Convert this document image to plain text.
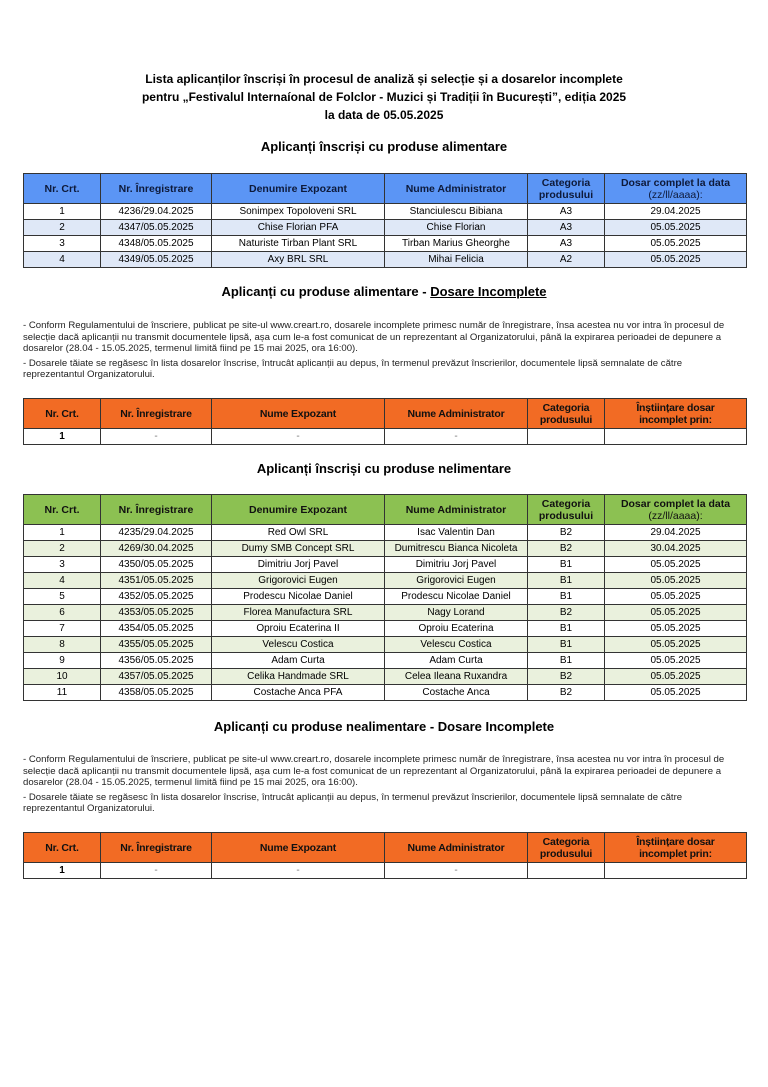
Lista aplicanților înscriși în procesul de analiză și selecție și a dosarelor incomplete
pentru „Festivalul Internaíonal de Folclor - Muzici și Tradiții în București”, ediția 2025
la data de 05.05.2025
Aplicanți înscriși cu produse alimentare
Nr. Crt.	Nr. Înregistrare	Denumire Expozant	Nume Administrator	Categoria
produsului	Dosar complet la data
(zz/ll/aaaa):
1	4236/29.04.2025	Sonimpex Topoloveni SRL	Stanciulescu Bibiana	A3	29.04.2025
2	4347/05.05.2025	Chise Florian PFA	Chise Florian	A3	05.05.2025
3	4348/05.05.2025	Naturiste Tirban Plant SRL	Tirban Marius Gheorghe	A3	05.05.2025
4	4349/05.05.2025	Axy BRL SRL	Mihai Felicia	A2	05.05.2025
Aplicanți cu produse alimentare - Dosare Incomplete

- Conform Regulamentului de înscriere, publicat pe site-ul www.creart.ro, dosarele incomplete primesc număr de înregistrare, însa acestea nu vor intra în procesul de selecție dacă aplicanții nu transmit documentele lipsă, așa cum le-a fost comunicat de un reprezentant al Organizatorului, până la expirarea perioadei de depunere a dosarelor (28.04 - 15.05.2025, termenul limită fiind pe 15 mai 2025, ora 16:00).

- Dosarele tăiate se regăsesc în lista dosarelor înscrise, întrucât aplicanții au depus, în termenul prevăzut înscrierilor, documentele lipsă semnalate de către reprezentantul Organizatorului.

Nr. Crt.	Nr. Înregistrare	Nume Expozant	Nume Administrator	Categoria
produsului	Înștiințare dosar
incomplet prin:
1	-	-	-		
Aplicanți înscriși cu produse nelimentare
Nr. Crt.	Nr. Înregistrare	Denumire Expozant	Nume Administrator	Categoria
produsului	Dosar complet la data
(zz/ll/aaaa):
1	4235/29.04.2025	Red Owl SRL	Isac Valentin Dan	B2	29.04.2025
2	4269/30.04.2025	Dumy SMB Concept SRL	Dumitrescu Bianca Nicoleta	B2	30.04.2025
3	4350/05.05.2025	Dimitriu Jorj Pavel	Dimitriu Jorj Pavel	B1	05.05.2025
4	4351/05.05.2025	Grigorovici Eugen	Grigorovici Eugen	B1	05.05.2025
5	4352/05.05.2025	Prodescu Nicolae Daniel	Prodescu Nicolae Daniel	B1	05.05.2025
6	4353/05.05.2025	Florea Manufactura SRL	Nagy Lorand	B2	05.05.2025
7	4354/05.05.2025	Oproiu Ecaterina II	Oproiu Ecaterina	B1	05.05.2025
8	4355/05.05.2025	Velescu Costica	Velescu Costica	B1	05.05.2025
9	4356/05.05.2025	Adam Curta	Adam Curta	B1	05.05.2025
10	4357/05.05.2025	Celika Handmade SRL	Celea Ileana Ruxandra	B2	05.05.2025
11	4358/05.05.2025	Costache Anca PFA	Costache Anca	B2	05.05.2025
Aplicanți cu produse nealimentare - Dosare Incomplete

- Conform Regulamentului de înscriere, publicat pe site-ul www.creart.ro, dosarele incomplete primesc număr de înregistrare, însa acestea nu vor intra în procesul de selecție dacă aplicanții nu transmit documentele lipsă, așa cum le-a fost comunicat de un reprezentant al Organizatorului, până la expirarea perioadei de depunere a dosarelor (28.04 - 15.05.2025, termenul limită fiind pe 15 mai 2025, ora 16:00).

- Dosarele tăiate se regăsesc în lista dosarelor înscrise, întrucât aplicanții au depus, în termenul prevăzut înscrierilor, documentele lipsă semnalate de către reprezentantul Organizatorului.

Nr. Crt.	Nr. Înregistrare	Nume Expozant	Nume Administrator	Categoria
produsului	Înștiințare dosar
incomplet prin:
1	-	-	-		
